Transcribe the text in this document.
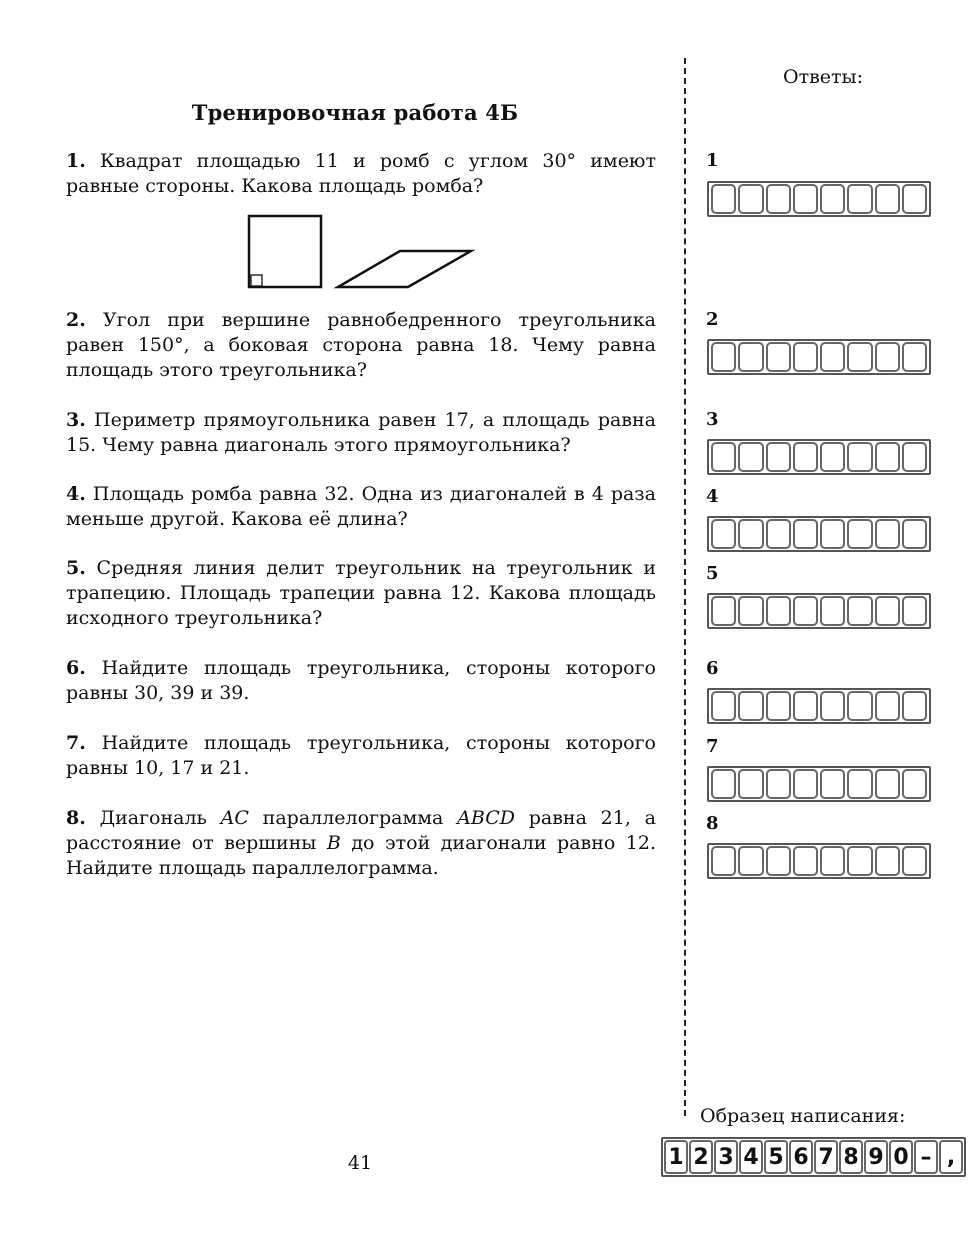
Тренировочная работа 4Б
Ответы:
1. Квадрат площадью 11 и ромб с углом 30° имеют равные стороны. Какова площадь ромба?
2. Угол при вершине равнобедренного треугольника равен 150°, а боковая сторона равна 18. Чему равна площадь этого треугольника?
3. Периметр прямоугольника равен 17, а площадь равна 15. Чему равна диагональ этого прямоугольника?
4. Площадь ромба равна 32. Одна из диагоналей в 4 раза меньше другой. Какова её длина?
5. Средняя линия делит треугольник на треугольник и трапецию. Площадь трапеции равна 12. Какова площадь исходного треугольника?
6. Найдите площадь треугольника, стороны которого равны 30, 39 и 39.
7. Найдите площадь треугольника, стороны которого равны 10, 17 и 21.
8. Диагональ AC параллелограмма ABCD равна 21, а расстояние от вершины B до этой диагонали равно 12. Найдите площадь параллелограмма.
1
2
3
4
5
6
7
8
Образец написания:
1 2 3 4 5 6 7 8 9 0 – ,
41
